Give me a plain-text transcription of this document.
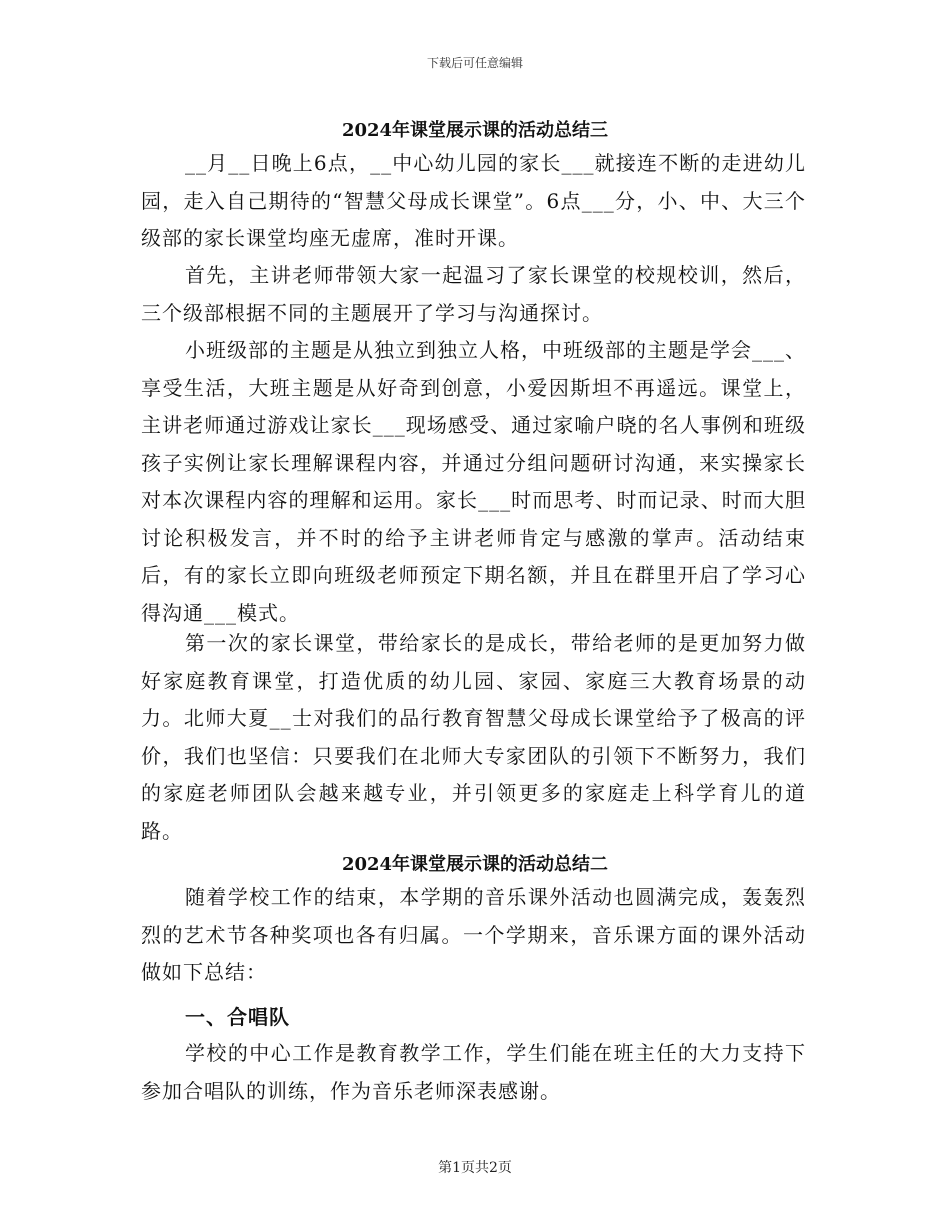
下载后可任意编辑
2024年课堂展示课的活动总结三

__月__日晚上6点，__中心幼儿园的家长___就接连不断的走进幼儿园，走入自己期待的“智慧父母成长课堂”。6点___分，小、中、大三个级部的家长课堂均座无虚席，准时开课。

首先，主讲老师带领大家一起温习了家长课堂的校规校训，然后，三个级部根据不同的主题展开了学习与沟通探讨。

小班级部的主题是从独立到独立人格，中班级部的主题是学会___、享受生活，大班主题是从好奇到创意，小爱因斯坦不再遥远。课堂上，主讲老师通过游戏让家长___现场感受、通过家喻户晓的名人事例和班级孩子实例让家长理解课程内容，并通过分组问题研讨沟通，来实操家长对本次课程内容的理解和运用。家长___时而思考、时而记录、时而大胆讨论积极发言，并不时的给予主讲老师肯定与感激的掌声。活动结束后，有的家长立即向班级老师预定下期名额，并且在群里开启了学习心得沟通___模式。

第一次的家长课堂，带给家长的是成长，带给老师的是更加努力做好家庭教育课堂，打造优质的幼儿园、家园、家庭三大教育场景的动力。北师大夏__士对我们的品行教育智慧父母成长课堂给予了极高的评价，我们也坚信：只要我们在北师大专家团队的引领下不断努力，我们的家庭老师团队会越来越专业，并引领更多的家庭走上科学育儿的道路。

2024年课堂展示课的活动总结二

随着学校工作的结束，本学期的音乐课外活动也圆满完成，轰轰烈烈的艺术节各种奖项也各有归属。一个学期来，音乐课方面的课外活动做如下总结：

一、合唱队

学校的中心工作是教育教学工作，学生们能在班主任的大力支持下参加合唱队的训练，作为音乐老师深表感谢。

第1页共2页
